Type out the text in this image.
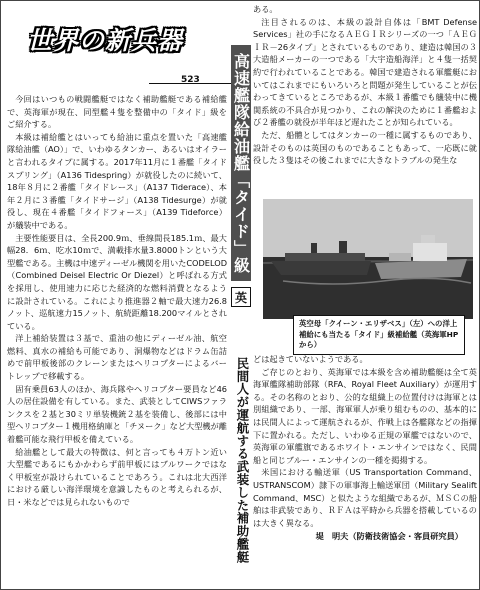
世界の新兵器
523

今回はいつもの戦闘艦艇ではなく補助艦艇である補給艦で、英海軍が現在、同型艦４隻を整備中の「タイド」級をご紹介する。

本級は補給艦とはいっても給油に重点を置いた「高速艦隊給油艦（AO）」で、いわゆるタンカー、あるいはオイラーと言われるタイプに属する。2017年11月に１番艦「タイドスプリング」（A136 Tidespring）が就役したのに続いて、18年８月に２番艦「タイドレース」（A137 Tiderace）、本年２月に３番艦「タイドサージ」（A138 Tidesurge）が就役し、現在４番艦「タイドフォース」（A139 Tideforce）が艤装中である。

主要性能要目は、全長200.9ｍ、垂線間長185.1ｍ、最大幅28．6ｍ、吃水10ｍで、満載排水量3.8000トンという大型艦である。主機は中速ディーゼル機関を用いたCODELOD（Combined Deisel Electric Or Diezel）と呼ばれる方式を採用し、使用速力に応じた経済的な燃料消費となるように設計されている。これにより推進器２軸で最大速力26.8ノット、巡航速力15ノット、航続距離18.200マイルとされている。

洋上補給装置は３基で、重油の他にディーゼル油、航空燃料、真水の補給も可能であり、洞爆物などはドラム缶詰めで前甲板後部のクレーンまたはヘリコプターによるバートレップで移載する。

固有乗員63人のほか、海兵隊やヘリコプター要員など46人の居住設備を有している。また、武装としてCIWSファランクスを２基と30ミリ単装機銃２基を装備し、後部には中型ヘリコプター１機用格納庫と「チヌーク」など大型機が離着艦可能な飛行甲板を備えている。

給油艦として最大の特徴は、何と言っても４万トン近い大型艦であるにもかかわらず前甲板にはブルワークではなく甲板室が設けられていることであろう。これは北大西洋における厳しい海洋環境を意識したものと考えられるが、日・米などでは見られないもので

高速艦隊給油艦「タイド」級
英
民間人が運航する武装した補助艦艇

ある。

注目されるのは、本級の設計自体は「BMT Defense Services」社の手になるＡＥＧＩＲシリーズの一つ「ＡＥＧＩＲ－26タイプ」とされているものであり、建造は韓国の３大造船メーカーの一つである「大宇造船海洋」と４隻一括契約で行われていることである。韓国で建造される軍艦艇においてはこれまでにもいろいろと問題が発生していることが伝わってきているところであるが、本級１番艦でも艤装中に機関系統の不具合が見つかり、これの解決のために１番艦および２番艦の就役が半年ほど遅れたことが知られている。

ただ、船體としてはタンカーの一種に属するものであり、設計そのものは英国のものであることもあって、一応既に就役した３隻はその後これまでに大きなトラブルの発生な

英空母「クイーン・エリザベス」（左）への洋上補給にも当たる「タイド」級補給艦（英海軍HPから）

どは起きていないようである。

ご存じのとおり、英海軍では本級を含め補助艦艇は全て英海軍艦隊補助部隊（RFA、Royal Fleet Auxiliary）が運用する。その名称のとおり、公的な組織上の位置付けは海軍とは別組織であり、一部、海軍軍人が乗り組むものの、基本的には民間人によって運航されるが、作戦上は各艦隊などの指揮下に置かれる。ただし、いわゆる正規の軍艦ではないので、英海軍の軍艦旗であるホワイト・エンサインではなく、民間船と同じブルー・エンサインの一種を掲揚する。

米国における輸送軍（US Transportation Command、USTRANSCOM）隷下の軍事海上輸送軍団（Military Sealift Command、MSC）と似たような組織であるが、ＭＳＣの船舶は非武装であり、ＲＦＡは平時から兵器を搭載しているのは大きく異なる。

堤　明夫（防衛技術協会・客員研究員）
